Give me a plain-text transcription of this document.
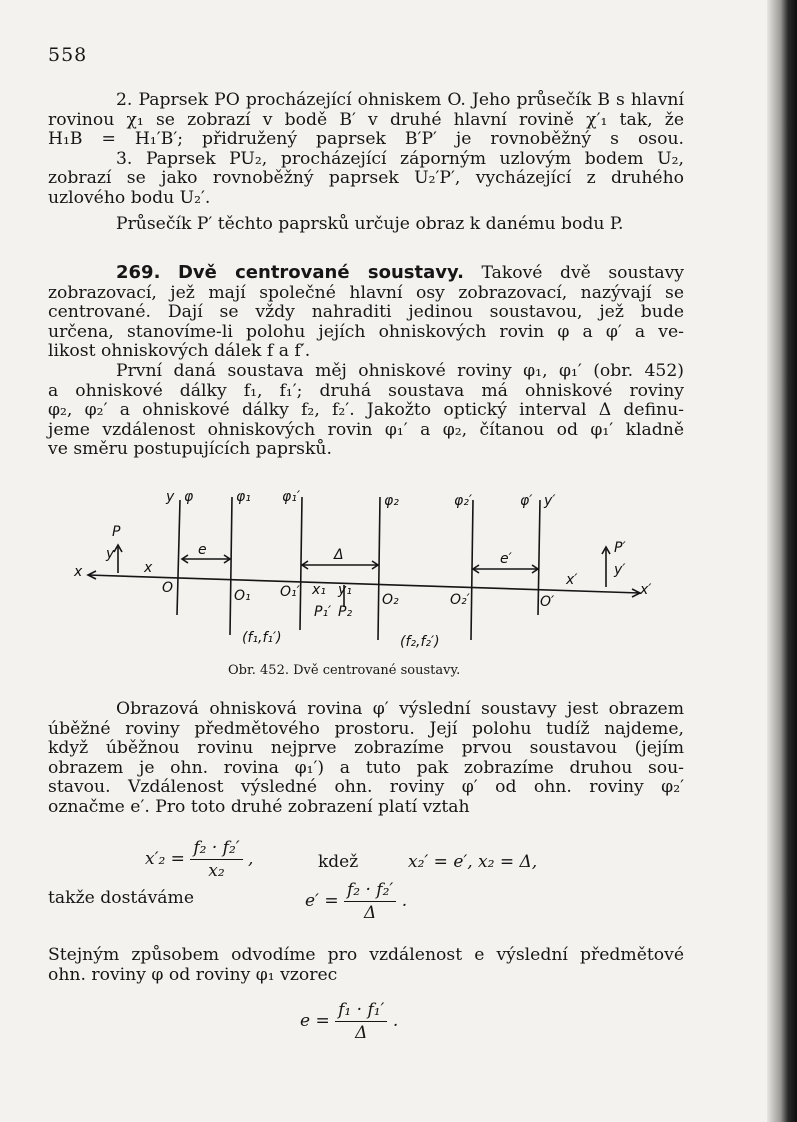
558
2. Paprsek PO procházející ohniskem O. Jeho průsečík B s hlavní
rovinou χ₁ se zobrazí v bodě B′ v druhé hlavní rovině χ′₁ tak, že
H₁B = H₁′B′; přidružený paprsek B′P′ je rovnoběžný s osou.
3. Paprsek PU₂, procházející záporným uzlovým bodem U₂,
zobrazí se jako rovnoběžný paprsek U₂′P′, vycházející z druhého
uzlového bodu U₂′.
Průsečík P′ těchto paprsků určuje obraz k danému bodu P.
269. Dvě centrované soustavy. Takové dvě soustavy
zobrazovací, jež mají společné hlavní osy zobrazovací, nazývají se
centrované. Dají se vždy nahraditi jedinou soustavou, jež bude
určena, stanovíme-li polohu jejích ohniskových rovin φ a φ′ a ve-
likost ohniskových dálek f a f′.
První daná soustava měj ohniskové roviny φ₁, φ₁′ (obr. 452)
a ohniskové dálky f₁, f₁′; druhá soustava má ohniskové roviny
φ₂, φ₂′ a ohniskové dálky f₂, f₂′. Jakožto optický interval Δ definu-
jeme vzdálenost ohniskových rovin φ₁′ a φ₂, čítanou od φ₁′ kladně
ve směru postupujících paprsků.
y φ	φ₁ φ₁′	φ₂	φ₂′	φ′ y′
P
y
x	x
e	Δ	e′
P′
y′
x′
x′
O	O₁ O₁′ x₁ y₁
P₁′ P₂
O₂	O₂′	O′
(f₁,f₁′)	(f₂,f₂′)
Obr. 452. Dvě centrované soustavy.
Obrazová ohnisková rovina φ′ výslední soustavy jest obrazem
úběžné roviny předmětového prostoru. Její polohu tudíž najdeme,
když úběžnou rovinu nejprve zobrazíme prvou soustavou (jejím
obrazem je ohn. rovina φ₁′) a tuto pak zobrazíme druhou sou-
stavou. Vzdálenost výsledné ohn. roviny φ′ od ohn. roviny φ₂′
označme e′. Pro toto druhé zobrazení platí vztah
$x'_2 = \frac{\text{f₂ · f₂′}}{\text{x₂}}$ ,	kdež	x₂′ = e′, x₂ = Δ,
takže dostáváme	$e' = \frac{\text{f₂ · f₂′}}{\Delta}$ .
Stejným způsobem odvodíme pro vzdálenost e výslední předmětové
ohn. roviny φ od roviny φ₁ vzorec
$e = \frac{\text{f₁ · f₁′}}{\Delta}$ .
